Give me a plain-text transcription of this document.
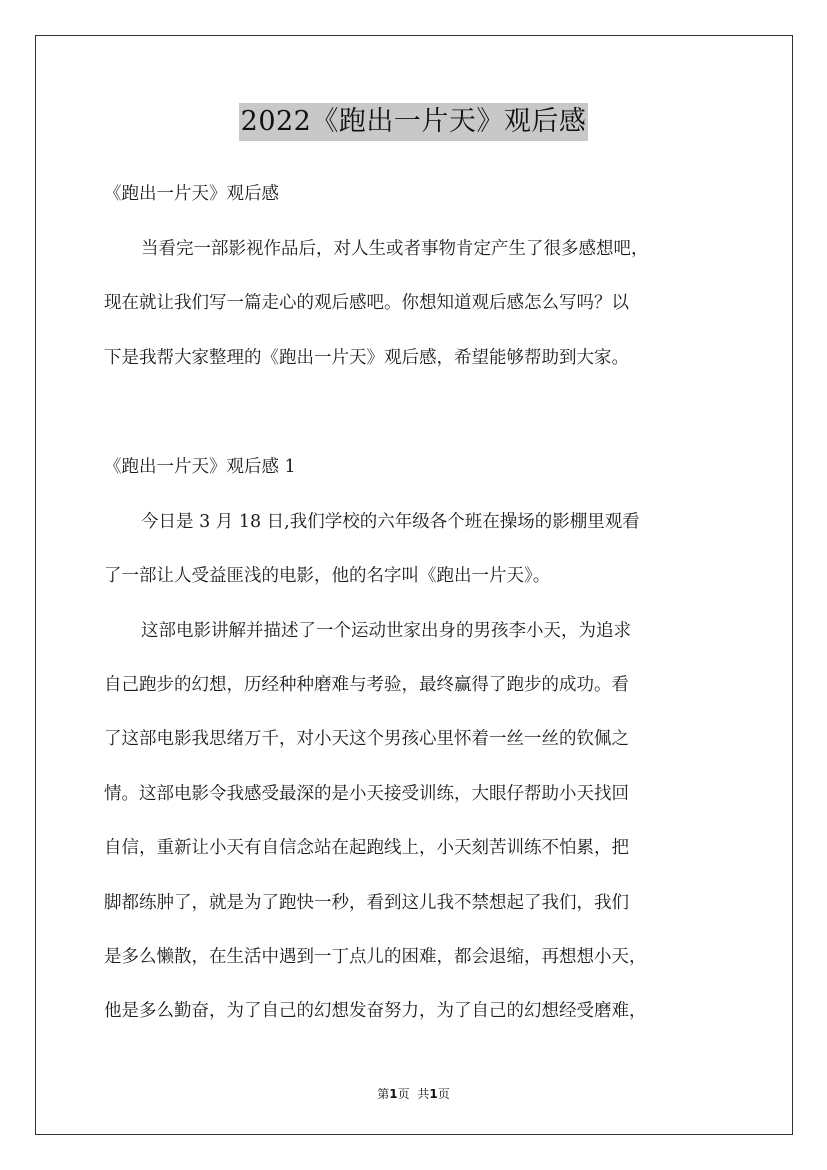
2022《跑出一片天》观后感
《跑出一片天》观后感
当看完一部影视作品后，对人生或者事物肯定产生了很多感想吧，
现在就让我们写一篇走心的观后感吧。你想知道观后感怎么写吗？以
下是我帮大家整理的《跑出一片天》观后感，希望能够帮助到大家。
《跑出一片天》观后感 1
今日是 3 月 18 日,我们学校的六年级各个班在操场的影棚里观看
了一部让人受益匪浅的电影，他的名字叫《跑出一片天》。
这部电影讲解并描述了一个运动世家出身的男孩李小天，为追求
自己跑步的幻想，历经种种磨难与考验，最终赢得了跑步的成功。看
了这部电影我思绪万千，对小天这个男孩心里怀着一丝一丝的钦佩之
情。这部电影令我感受最深的是小天接受训练，大眼仔帮助小天找回
自信，重新让小天有自信念站在起跑线上，小天刻苦训练不怕累，把
脚都练肿了，就是为了跑快一秒，看到这儿我不禁想起了我们，我们
是多么懒散，在生活中遇到一丁点儿的困难，都会退缩，再想想小天，
他是多么勤奋，为了自己的幻想发奋努力，为了自己的幻想经受磨难，
第1页 共1页
